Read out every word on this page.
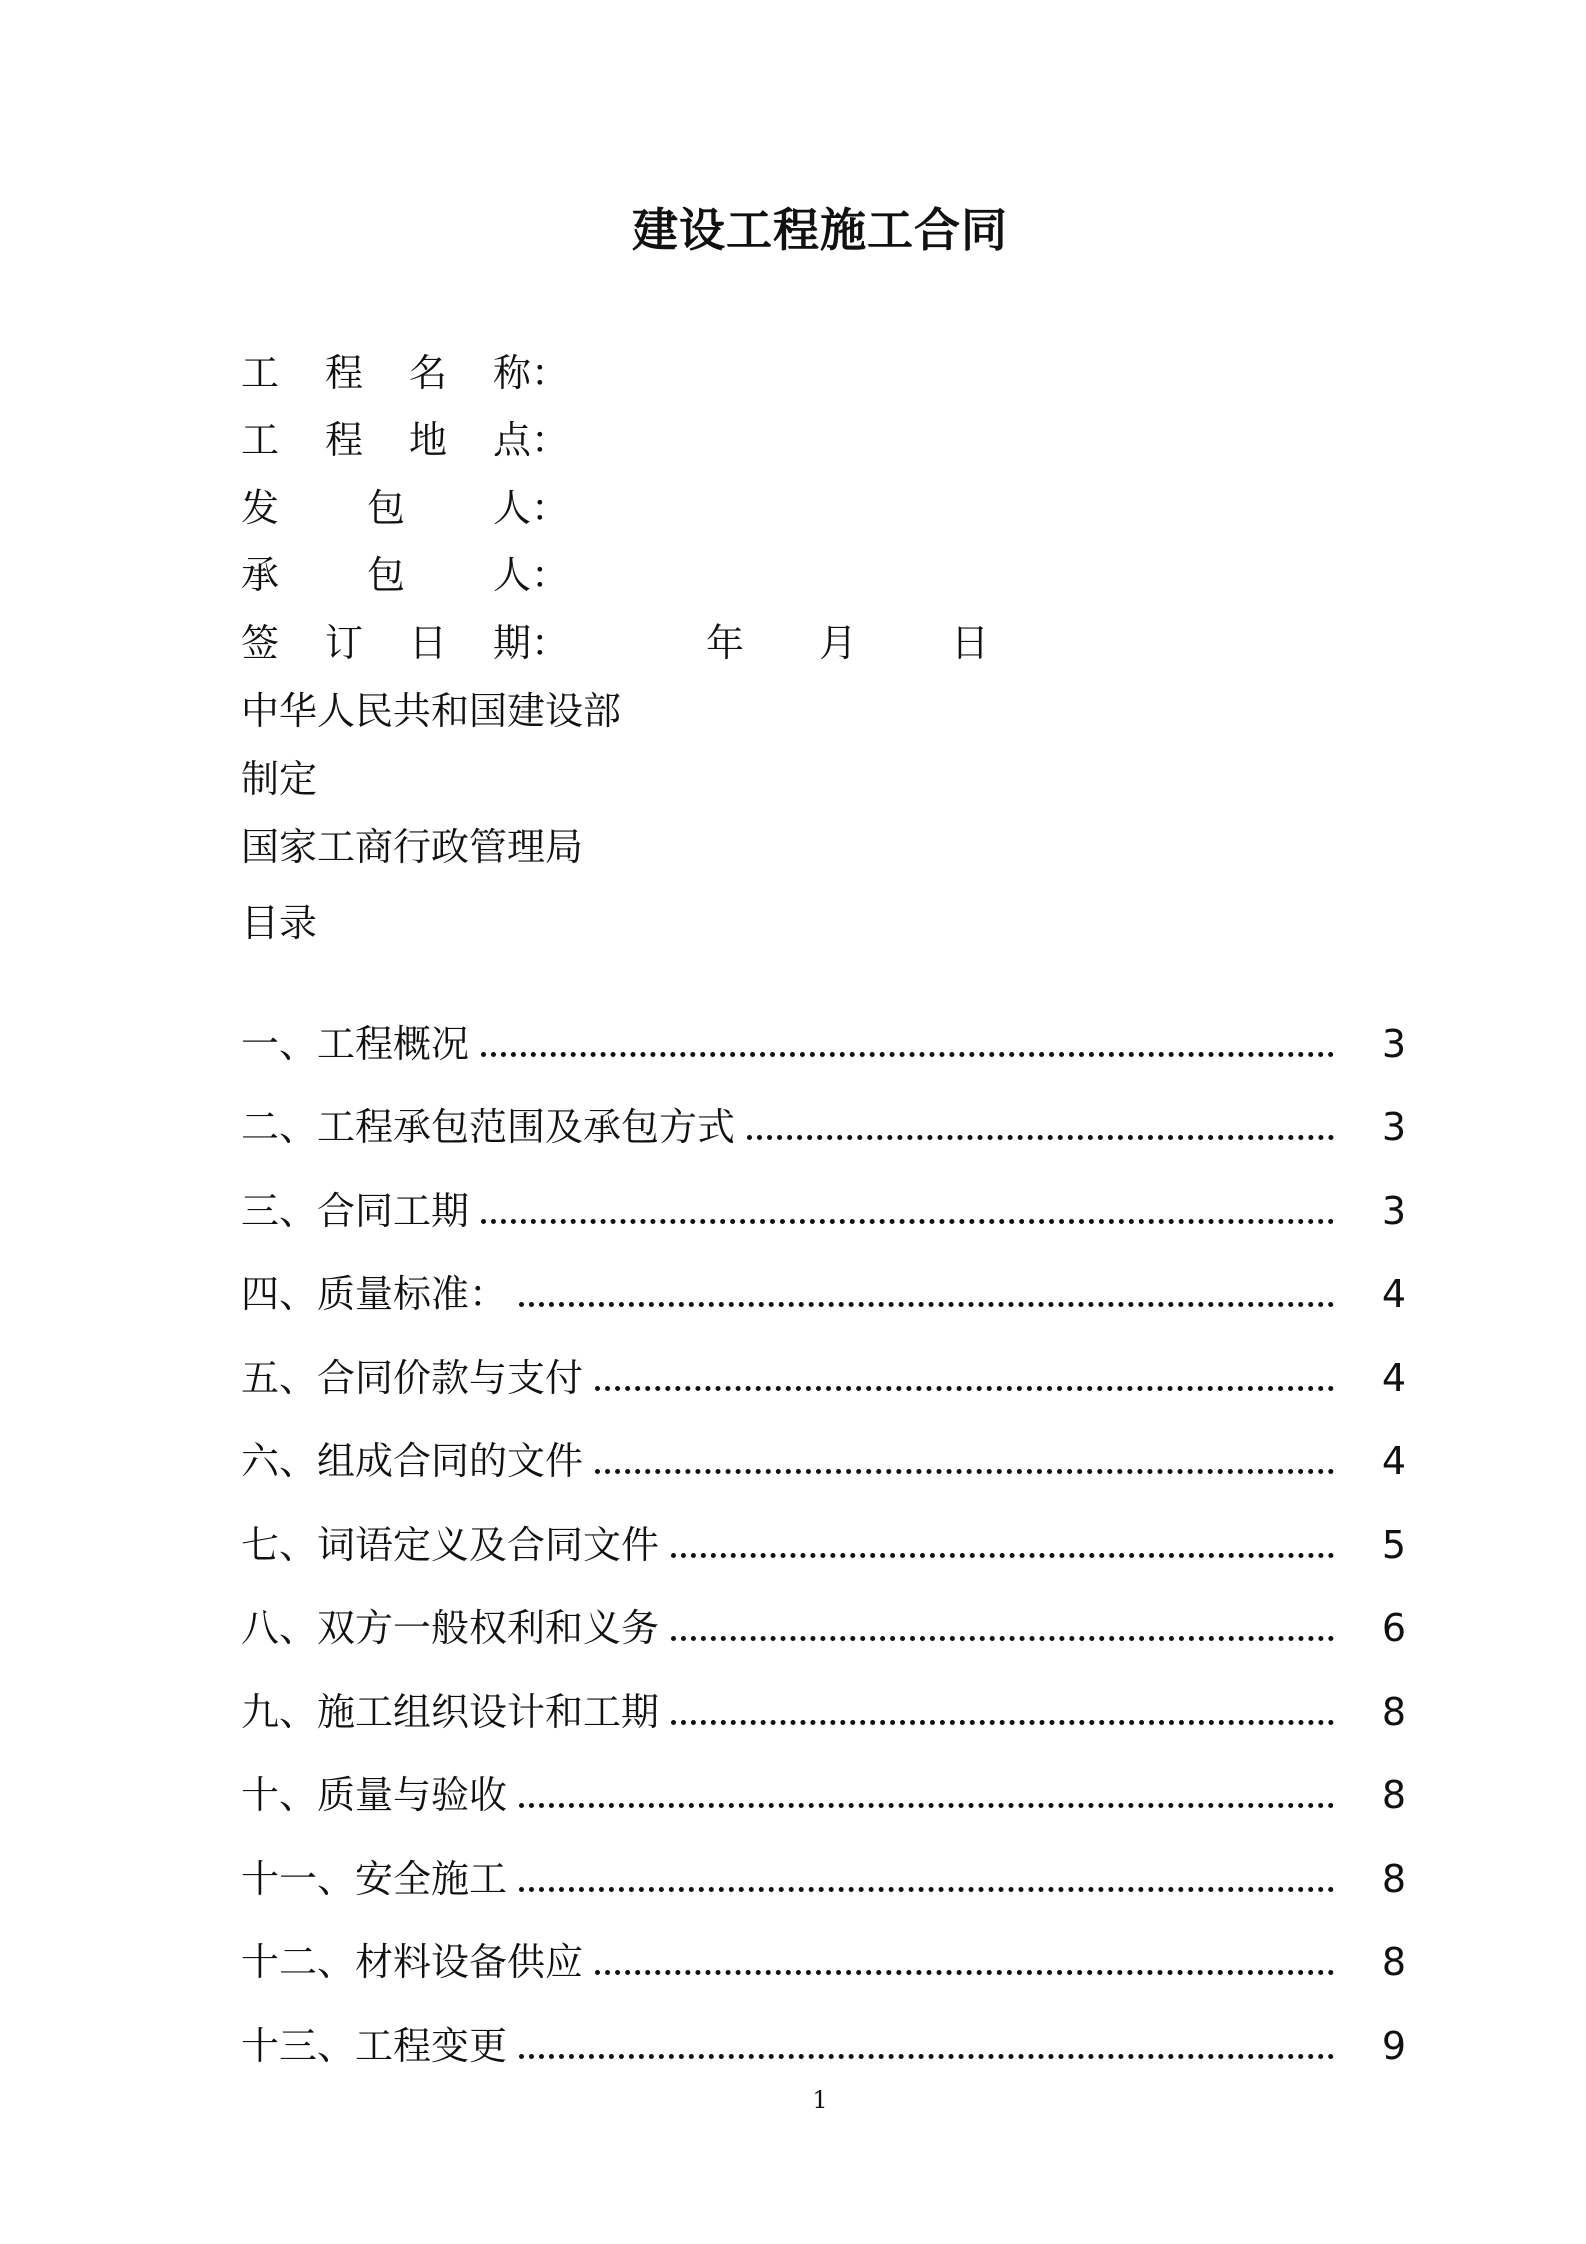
建设工程施工合同
工程名称：
工程地点：
发包人：
承包人：
签订日期：	年 月 日
中华人民共和国建设部
制定
国家工商行政管理局
目录
一、工程概况	3
二、工程承包范围及承包方式	3
三、合同工期	3
四、质量标准：	4
五、合同价款与支付	4
六、组成合同的文件	4
七、词语定义及合同文件	5
八、双方一般权利和义务	6
九、施工组织设计和工期	8
十、质量与验收	8
十一、安全施工	8
十二、材料设备供应	8
十三、工程变更	9
1
